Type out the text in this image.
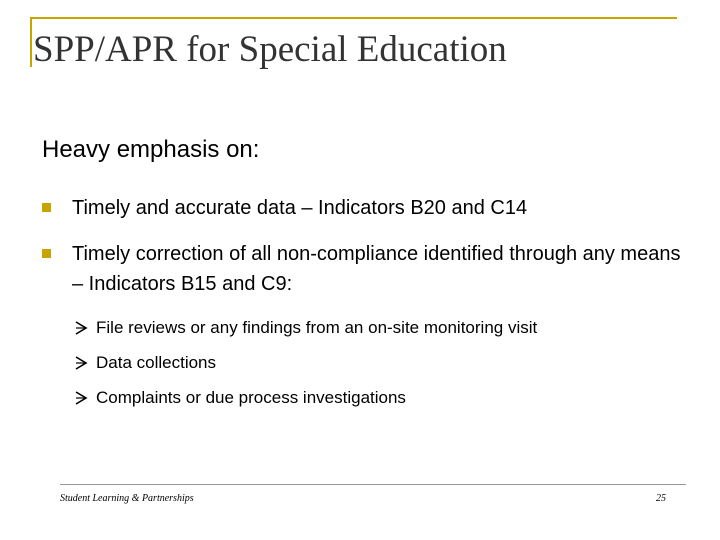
SPP/APR for Special Education
Heavy emphasis on:
Timely and accurate data – Indicators B20 and C14
Timely correction of all non-compliance identified through any means – Indicators B15 and C9:
File reviews or any findings from an on-site monitoring visit
Data collections
Complaints or due process investigations
Student Learning & Partnerships	25
